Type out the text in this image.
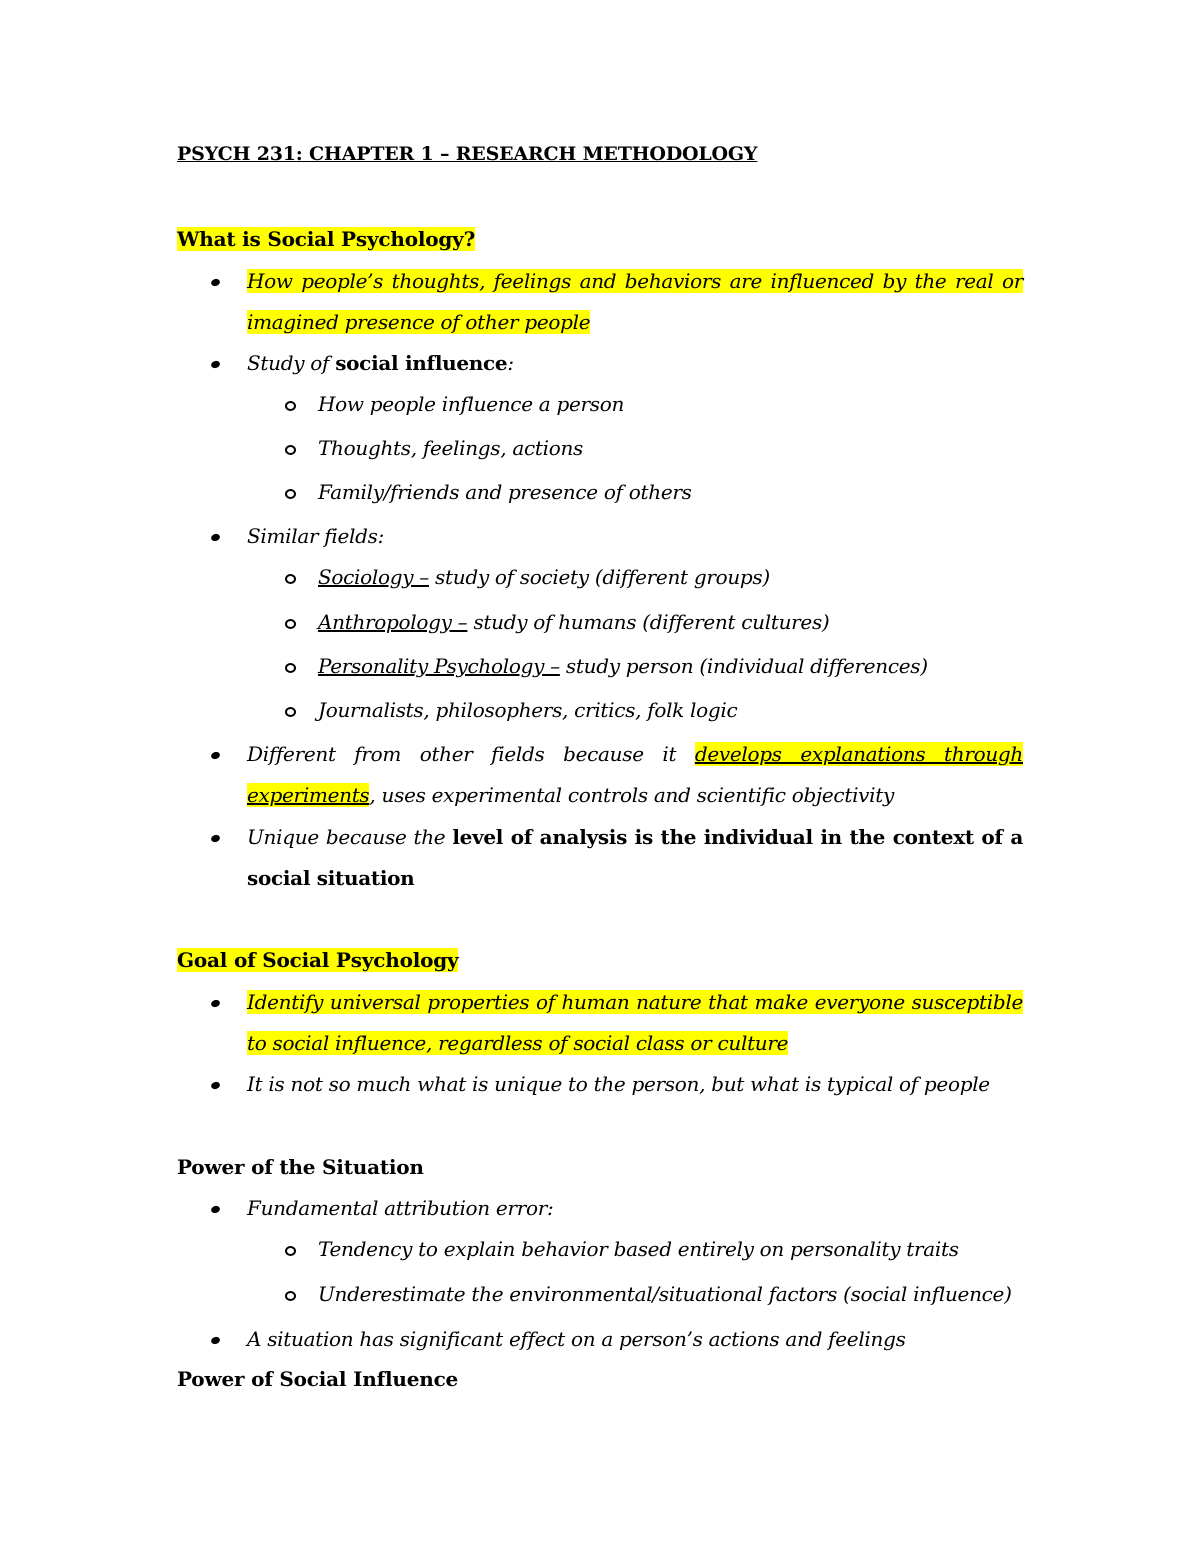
PSYCH 231: CHAPTER 1 – RESEARCH METHODOLOGY
What is Social Psychology?
How people’s thoughts, feelings and behaviors are influenced by the real or
imagined presence of other people
Study of social influence:
How people influence a person
Thoughts, feelings, actions
Family/friends and presence of others
Similar fields:
Sociology – study of society (different groups)
Anthropology – study of humans (different cultures)
Personality Psychology – study person (individual differences)
Journalists, philosophers, critics, folk logic
Different from other fields because it develops explanations through
experiments, uses experimental controls and scientific objectivity
Unique because the level of analysis is the individual in the context of a
social situation
Goal of Social Psychology
Identify universal properties of human nature that make everyone susceptible
to social influence, regardless of social class or culture
It is not so much what is unique to the person, but what is typical of people
Power of the Situation
Fundamental attribution error:
Tendency to explain behavior based entirely on personality traits
Underestimate the environmental/situational factors (social influence)
A situation has significant effect on a person’s actions and feelings
Power of Social Influence
